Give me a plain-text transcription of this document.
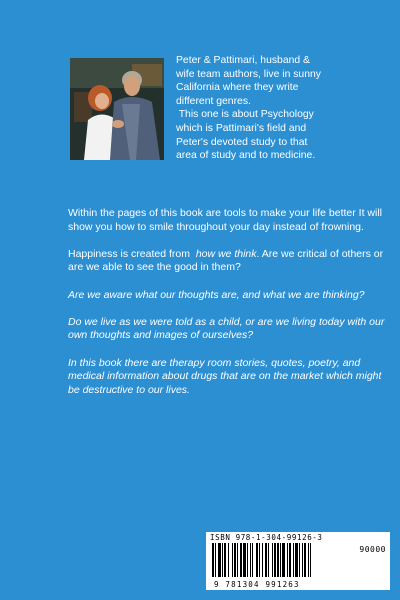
Peter & Pattimari, husband &

wife team authors, live in sunny

California where they write

different genres.

This one is about Psychology

which is Pattimari's field and

Peter's devoted study to that

area of study and to medicine.

Within the pages of this book are tools to make your life better It will show you how to smile throughout your day instead of frowning.

Happiness is created from  how we think. Are we critical of others or are we able to see the good in them?

Are we aware what our thoughts are, and what we are thinking?

Do we live as we were told as a child, or are we living today with our own thoughts and images of ourselves?

In this book there are therapy room stories, quotes, poetry, and medical information about drugs that are on the market which might be destructive to our lives.

ISBN 978-1-304-99126-3
90000
9 781304 991263
